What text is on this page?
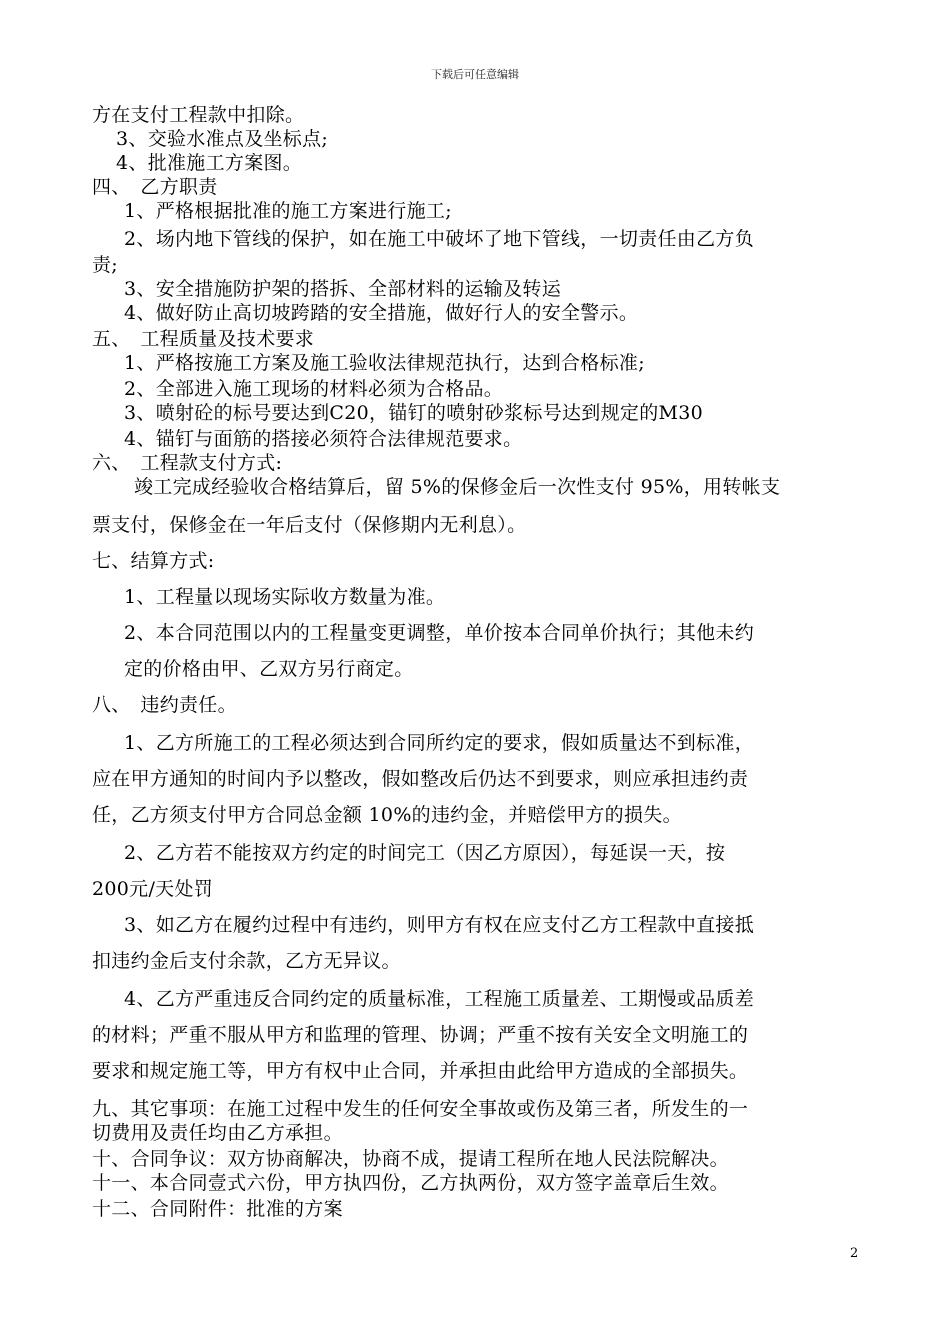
下载后可任意编辑
方在支付工程款中扣除。
3、交验水准点及坐标点;
4、批准施工方案图。
四、　乙方职责
1、严格根据批准的施工方案进行施工;
2、场内地下管线的保护，如在施工中破坏了地下管线，一切责任由乙方负
责;
3、安全措施防护架的搭拆、全部材料的运输及转运
4、做好防止高切坡跨踏的安全措施，做好行人的安全警示。
五、　工程质量及技术要求
1、严格按施工方案及施工验收法律规范执行，达到合格标准;
2、全部进入施工现场的材料必须为合格品。
3、喷射砼的标号要达到C20，锚钉的喷射砂浆标号达到规定的M30
4、锚钉与面筋的搭接必须符合法律规范要求。
六、　工程款支付方式:
竣工完成经验收合格结算后，留 5%的保修金后一次性支付 95%，用转帐支
票支付，保修金在一年后支付（保修期内无利息）。
七、结算方式:
1、工程量以现场实际收方数量为准。
2、本合同范围以内的工程量变更调整，单价按本合同单价执行；其他未约
定的价格由甲、乙双方另行商定。
八、　违约责任。
1、乙方所施工的工程必须达到合同所约定的要求，假如质量达不到标准，
应在甲方通知的时间内予以整改，假如整改后仍达不到要求，则应承担违约责
任，乙方须支付甲方合同总金额 10%的违约金，并赔偿甲方的损失。
2、乙方若不能按双方约定的时间完工（因乙方原因），每延误一天，按
200元/天处罚
3、如乙方在履约过程中有违约，则甲方有权在应支付乙方工程款中直接抵
扣违约金后支付余款，乙方无异议。
4、乙方严重违反合同约定的质量标准，工程施工质量差、工期慢或品质差
的材料；严重不服从甲方和监理的管理、协调；严重不按有关安全文明施工的
要求和规定施工等，甲方有权中止合同，并承担由此给甲方造成的全部损失。
九、其它事项：在施工过程中发生的任何安全事故或伤及第三者，所发生的一
切费用及责任均由乙方承担。
十、合同争议：双方协商解决，协商不成，提请工程所在地人民法院解决。
十一、本合同壹式六份，甲方执四份，乙方执两份，双方签字盖章后生效。
十二、合同附件：批准的方案
2
